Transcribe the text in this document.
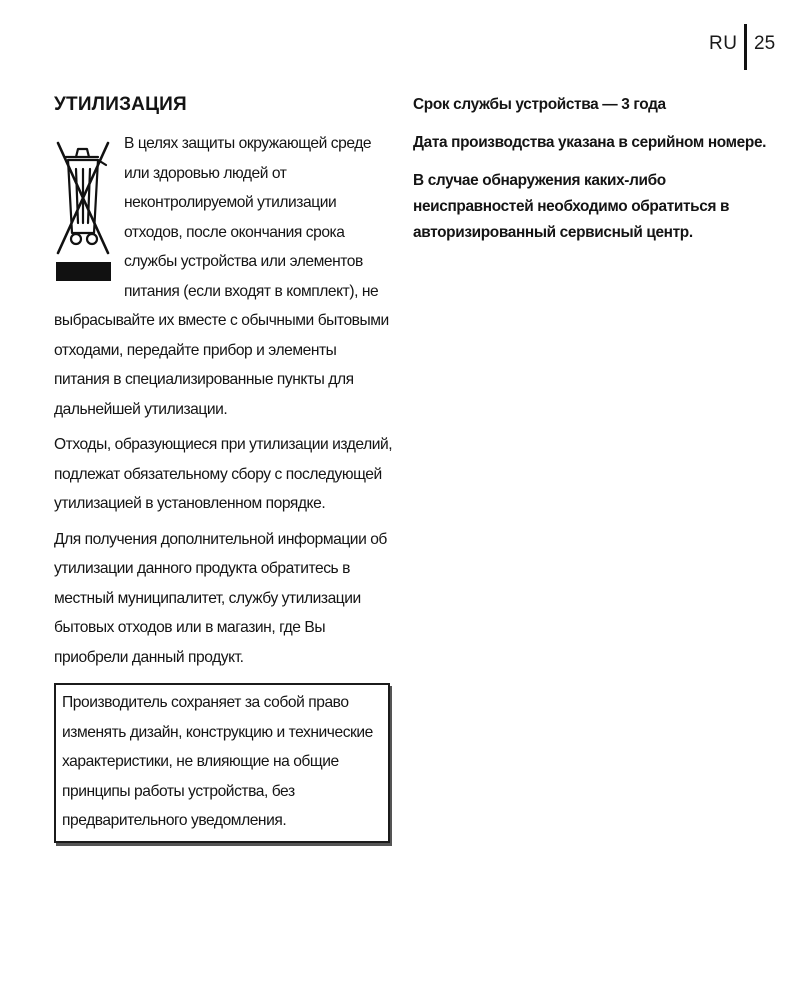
RU 25
УТИЛИЗАЦИЯ

В целях защиты окружающей среде или здоровью людей от неконтролируемой утилизации отходов, после окончания срока службы устройства или элементов питания (если входят в комплект), не выбрасывайте их вместе с обычными бытовыми отходами, передайте прибор и элементы питания в специализированные пункты для дальнейшей утилизации.

Отходы, образующиеся при утилизации изделий, подлежат обязательному сбору с последующей утилизацией в установленном порядке.

Для получения дополнительной информации об утилизации данного продукта обратитесь в местный муниципалитет, службу утилизации бытовых отходов или в магазин, где Вы приобрели данный продукт.

Производитель сохраняет за собой право изменять дизайн, конструкцию и технические характеристики, не влияющие на общие принципы работы устройства, без предварительного уведомления.

Срок службы устройства — 3 года

Дата производства указана в серийном номере.

В случае обнаружения каких-либо неисправностей необходимо обратиться в авторизированный сервисный центр.
